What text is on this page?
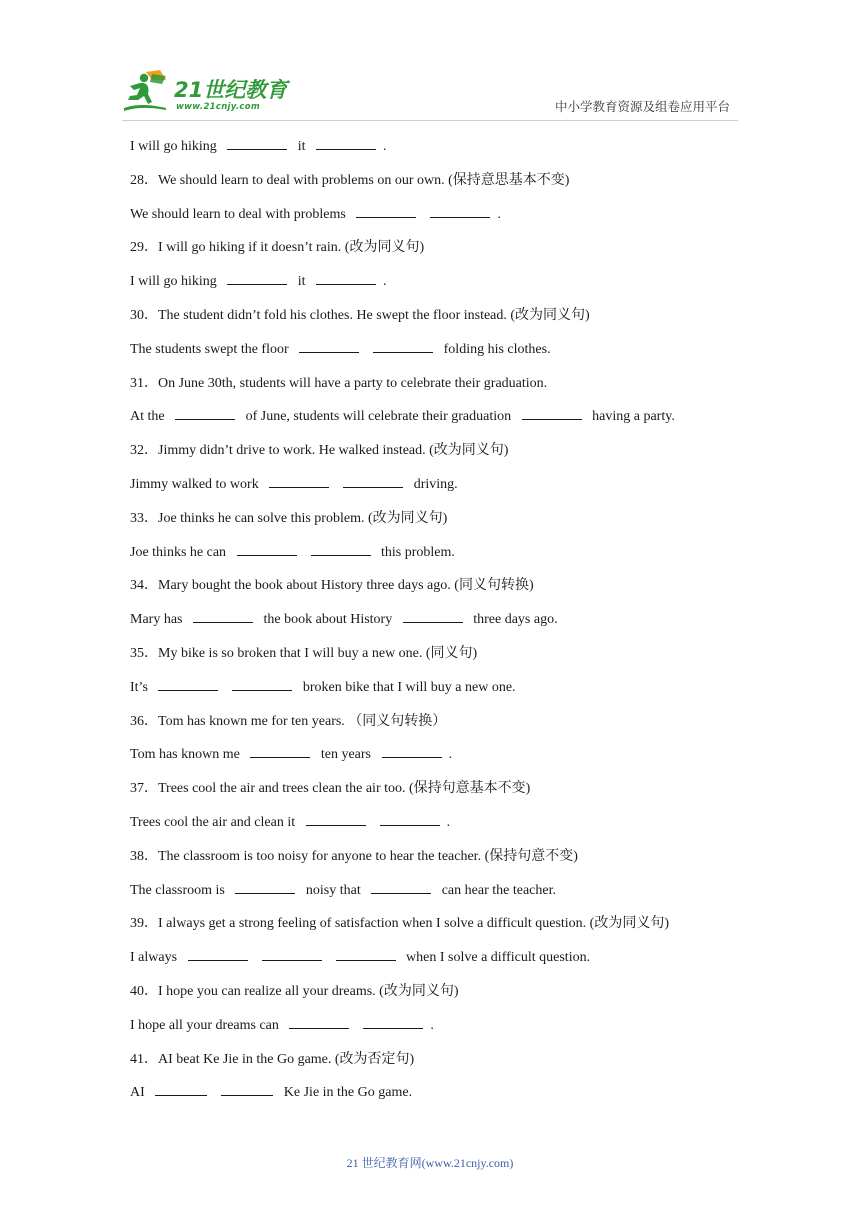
21世纪教育
www.21cnjy.com	中小学教育资源及组卷应用平台
I will go hiking	it	.
28．We should learn to deal with problems on our own. (保持意思基本不变)
We should learn to deal with problems	.
29．I will go hiking if it doesn’t rain. (改为同义句)
I will go hiking	it	.
30．The student didn’t fold his clothes. He swept the floor instead. (改为同义句)
The students swept the floor	folding his clothes.
31．On June 30th, students will have a party to celebrate their graduation.
At the	of June, students will celebrate their graduation	having a party.
32．Jimmy didn’t drive to work. He walked instead. (改为同义句)
Jimmy walked to work	driving.
33．Joe thinks he can solve this problem. (改为同义句)
Joe thinks he can	this problem.
34．Mary bought the book about History three days ago. (同义句转换)
Mary has	the book about History	three days ago.
35．My bike is so broken that I will buy a new one. (同义句)
It’s	broken bike that I will buy a new one.
36．Tom has known me for ten years. （同义句转换）
Tom has known me	ten years	.
37．Trees cool the air and trees clean the air too. (保持句意基本不变)
Trees cool the air and clean it	.
38．The classroom is too noisy for anyone to hear the teacher. (保持句意不变)
The classroom is	noisy that	can hear the teacher.
39．I always get a strong feeling of satisfaction when I solve a difficult question. (改为同义句)
I always	when I solve a difficult question.
40．I hope you can realize all your dreams. (改为同义句)
I hope all your dreams can	.
41．AI beat Ke Jie in the Go game. (改为否定句)
AI	Ke Jie in the Go game.
21 世纪教育网(www.21cnjy.com)
